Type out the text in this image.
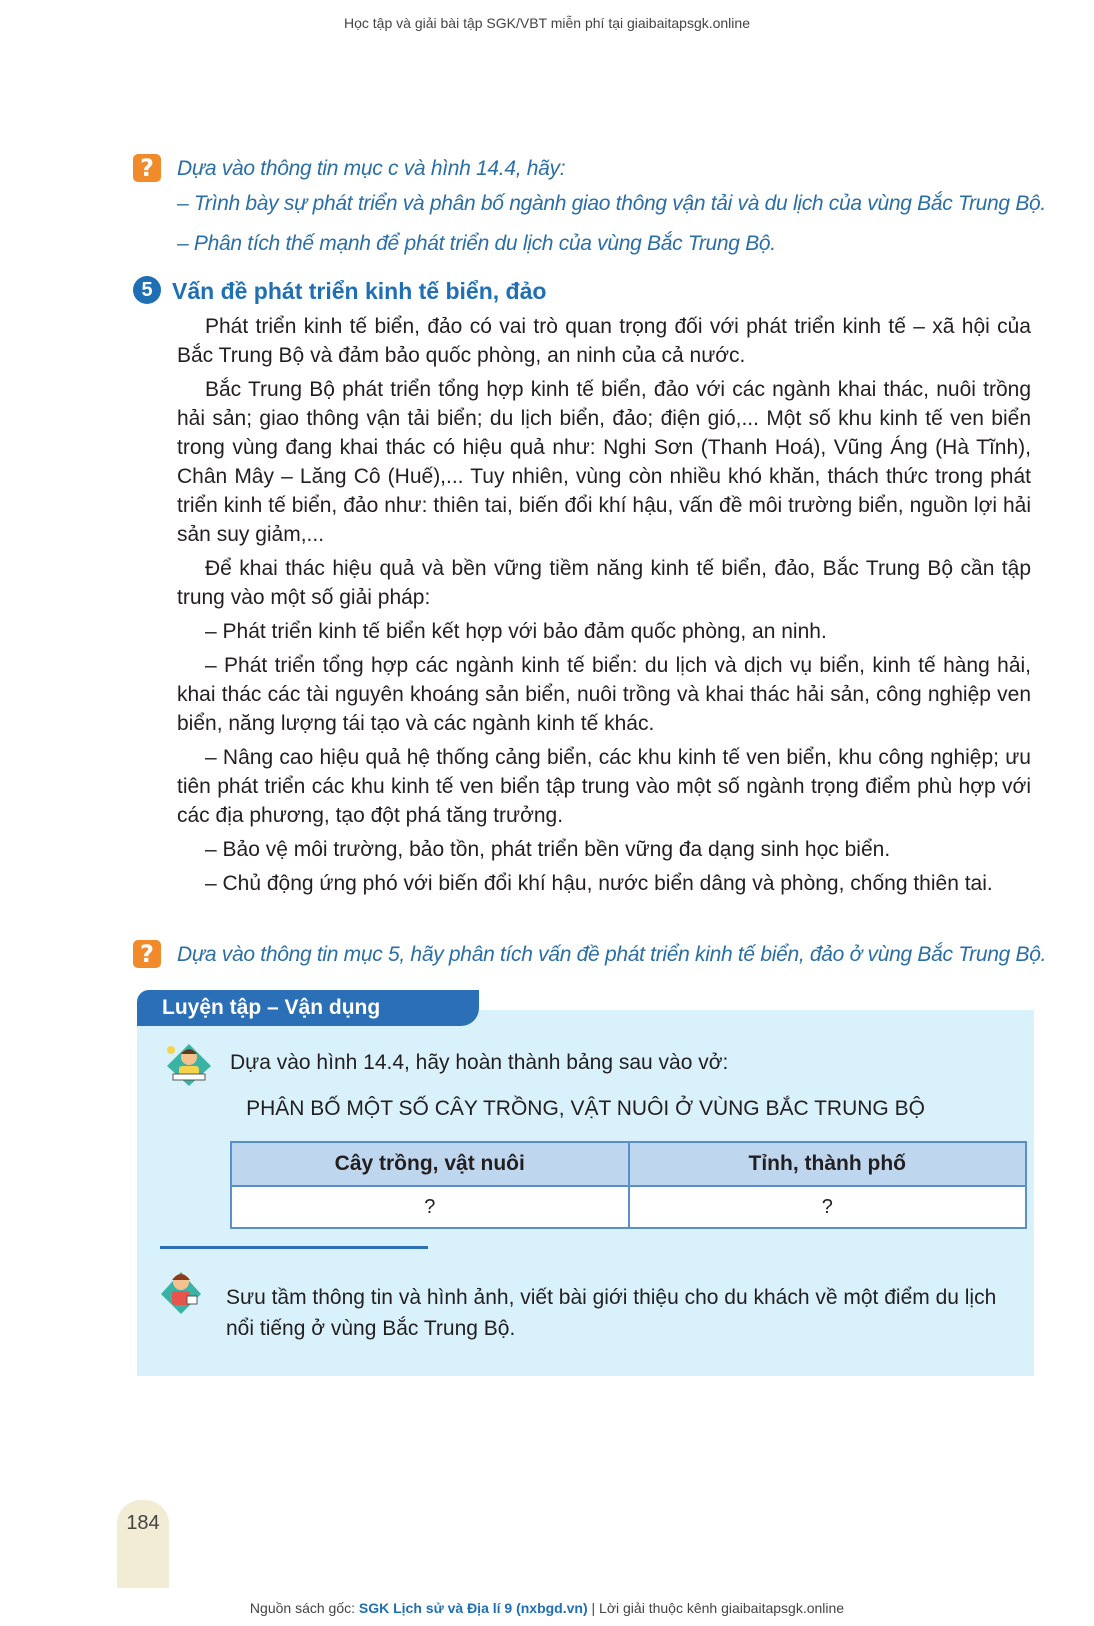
Học tập và giải bài tập SGK/VBT miễn phí tại giaibaitapsgk.online
?	Dựa vào thông tin mục c và hình 14.4, hãy:
– Trình bày sự phát triển và phân bố ngành giao thông vận tải và du lịch của vùng Bắc Trung Bộ.
– Phân tích thế mạnh để phát triển du lịch của vùng Bắc Trung Bộ.
5 Vấn đề phát triển kinh tế biển, đảo

Phát triển kinh tế biển, đảo có vai trò quan trọng đối với phát triển kinh tế – xã hội của Bắc Trung Bộ và đảm bảo quốc phòng, an ninh của cả nước.

Bắc Trung Bộ phát triển tổng hợp kinh tế biển, đảo với các ngành khai thác, nuôi trồng hải sản; giao thông vận tải biển; du lịch biển, đảo; điện gió,... Một số khu kinh tế ven biển trong vùng đang khai thác có hiệu quả như: Nghi Sơn (Thanh Hoá), Vũng Áng (Hà Tĩnh), Chân Mây – Lăng Cô (Huế),... Tuy nhiên, vùng còn nhiều khó khăn, thách thức trong phát triển kinh tế biển, đảo như: thiên tai, biến đổi khí hậu, vấn đề môi trường biển, nguồn lợi hải sản suy giảm,...

Để khai thác hiệu quả và bền vững tiềm năng kinh tế biển, đảo, Bắc Trung Bộ cần tập trung vào một số giải pháp:

– Phát triển kinh tế biển kết hợp với bảo đảm quốc phòng, an ninh.

– Phát triển tổng hợp các ngành kinh tế biển: du lịch và dịch vụ biển, kinh tế hàng hải, khai thác các tài nguyên khoáng sản biển, nuôi trồng và khai thác hải sản, công nghiệp ven biển, năng lượng tái tạo và các ngành kinh tế khác.

– Nâng cao hiệu quả hệ thống cảng biển, các khu kinh tế ven biển, khu công nghiệp; ưu tiên phát triển các khu kinh tế ven biển tập trung vào một số ngành trọng điểm phù hợp với các địa phương, tạo đột phá tăng trưởng.

– Bảo vệ môi trường, bảo tồn, phát triển bền vững đa dạng sinh học biển.

– Chủ động ứng phó với biến đổi khí hậu, nước biển dâng và phòng, chống thiên tai.

?	Dựa vào thông tin mục 5, hãy phân tích vấn đề phát triển kinh tế biển, đảo ở vùng Bắc Trung Bộ.
Luyện tập – Vận dụng
Dựa vào hình 14.4, hãy hoàn thành bảng sau vào vở:
PHÂN BỐ MỘT SỐ CÂY TRỒNG, VẬT NUÔI Ở VÙNG BẮC TRUNG BỘ
Cây trồng, vật nuôi	Tỉnh, thành phố
?	?
Sưu tầm thông tin và hình ảnh, viết bài giới thiệu cho du khách về một điểm du lịch nổi tiếng ở vùng Bắc Trung Bộ.
184
Nguồn sách gốc: SGK Lịch sử và Địa lí 9 (nxbgd.vn) | Lời giải thuộc kênh giaibaitapsgk.online
